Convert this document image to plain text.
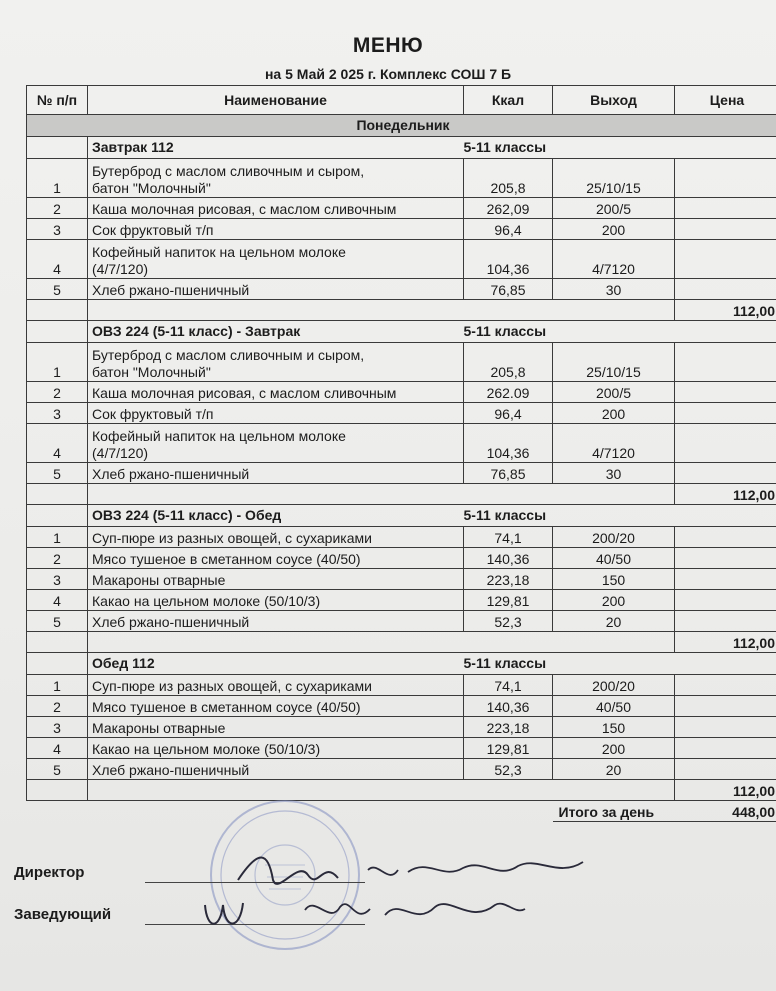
МЕНЮ
на 5 Май 2 025 г. Комплекс СОШ 7 Б
№ п/п	Наименование	Ккал	Выход	Цена
Понедельник				
	Завтрак 112	5-11 классы		
1	Бутерброд с маслом сливочным и сыром,
батон "Молочный"	205,8	25/10/15	
2	Каша молочная рисовая, с маслом сливочным	262,09	200/5	
3	Сок фруктовый т/п	96,4	200	
4	Кофейный напиток на цельном молоке
(4/7/120)	104,36	4/7120	
5	Хлеб ржано-пшеничный	76,85	30	
				112,00
	ОВЗ 224 (5-11 класс) - Завтрак	5-11 классы		
1	Бутерброд с маслом сливочным и сыром,
батон "Молочный"	205,8	25/10/15	
2	Каша молочная рисовая, с маслом сливочным	262.09	200/5	
3	Сок фруктовый т/п	96,4	200	
4	Кофейный напиток на цельном молоке
(4/7/120)	104,36	4/7120	
5	Хлеб ржано-пшеничный	76,85	30	
				112,00
	ОВЗ 224 (5-11 класс) - Обед	5-11 классы		
1	Суп-пюре из разных овощей, с сухариками	74,1	200/20	
2	Мясо тушеное в сметанном соусе (40/50)	140,36	40/50	
3	Макароны отварные	223,18	150	
4	Какао на цельном молоке (50/10/3)	129,81	200	
5	Хлеб ржано-пшеничный	52,3	20	
				112,00
	Обед 112	5-11 классы		
1	Суп-пюре из разных овощей, с сухариками	74,1	200/20	
2	Мясо тушеное в сметанном соусе (40/50)	140,36	40/50	
3	Макароны отварные	223,18	150	
4	Какао на цельном молоке (50/10/3)	129,81	200	
5	Хлеб ржано-пшеничный	52,3	20	
				112,00
			Итого за день	448,00
Директор
Заведующий
